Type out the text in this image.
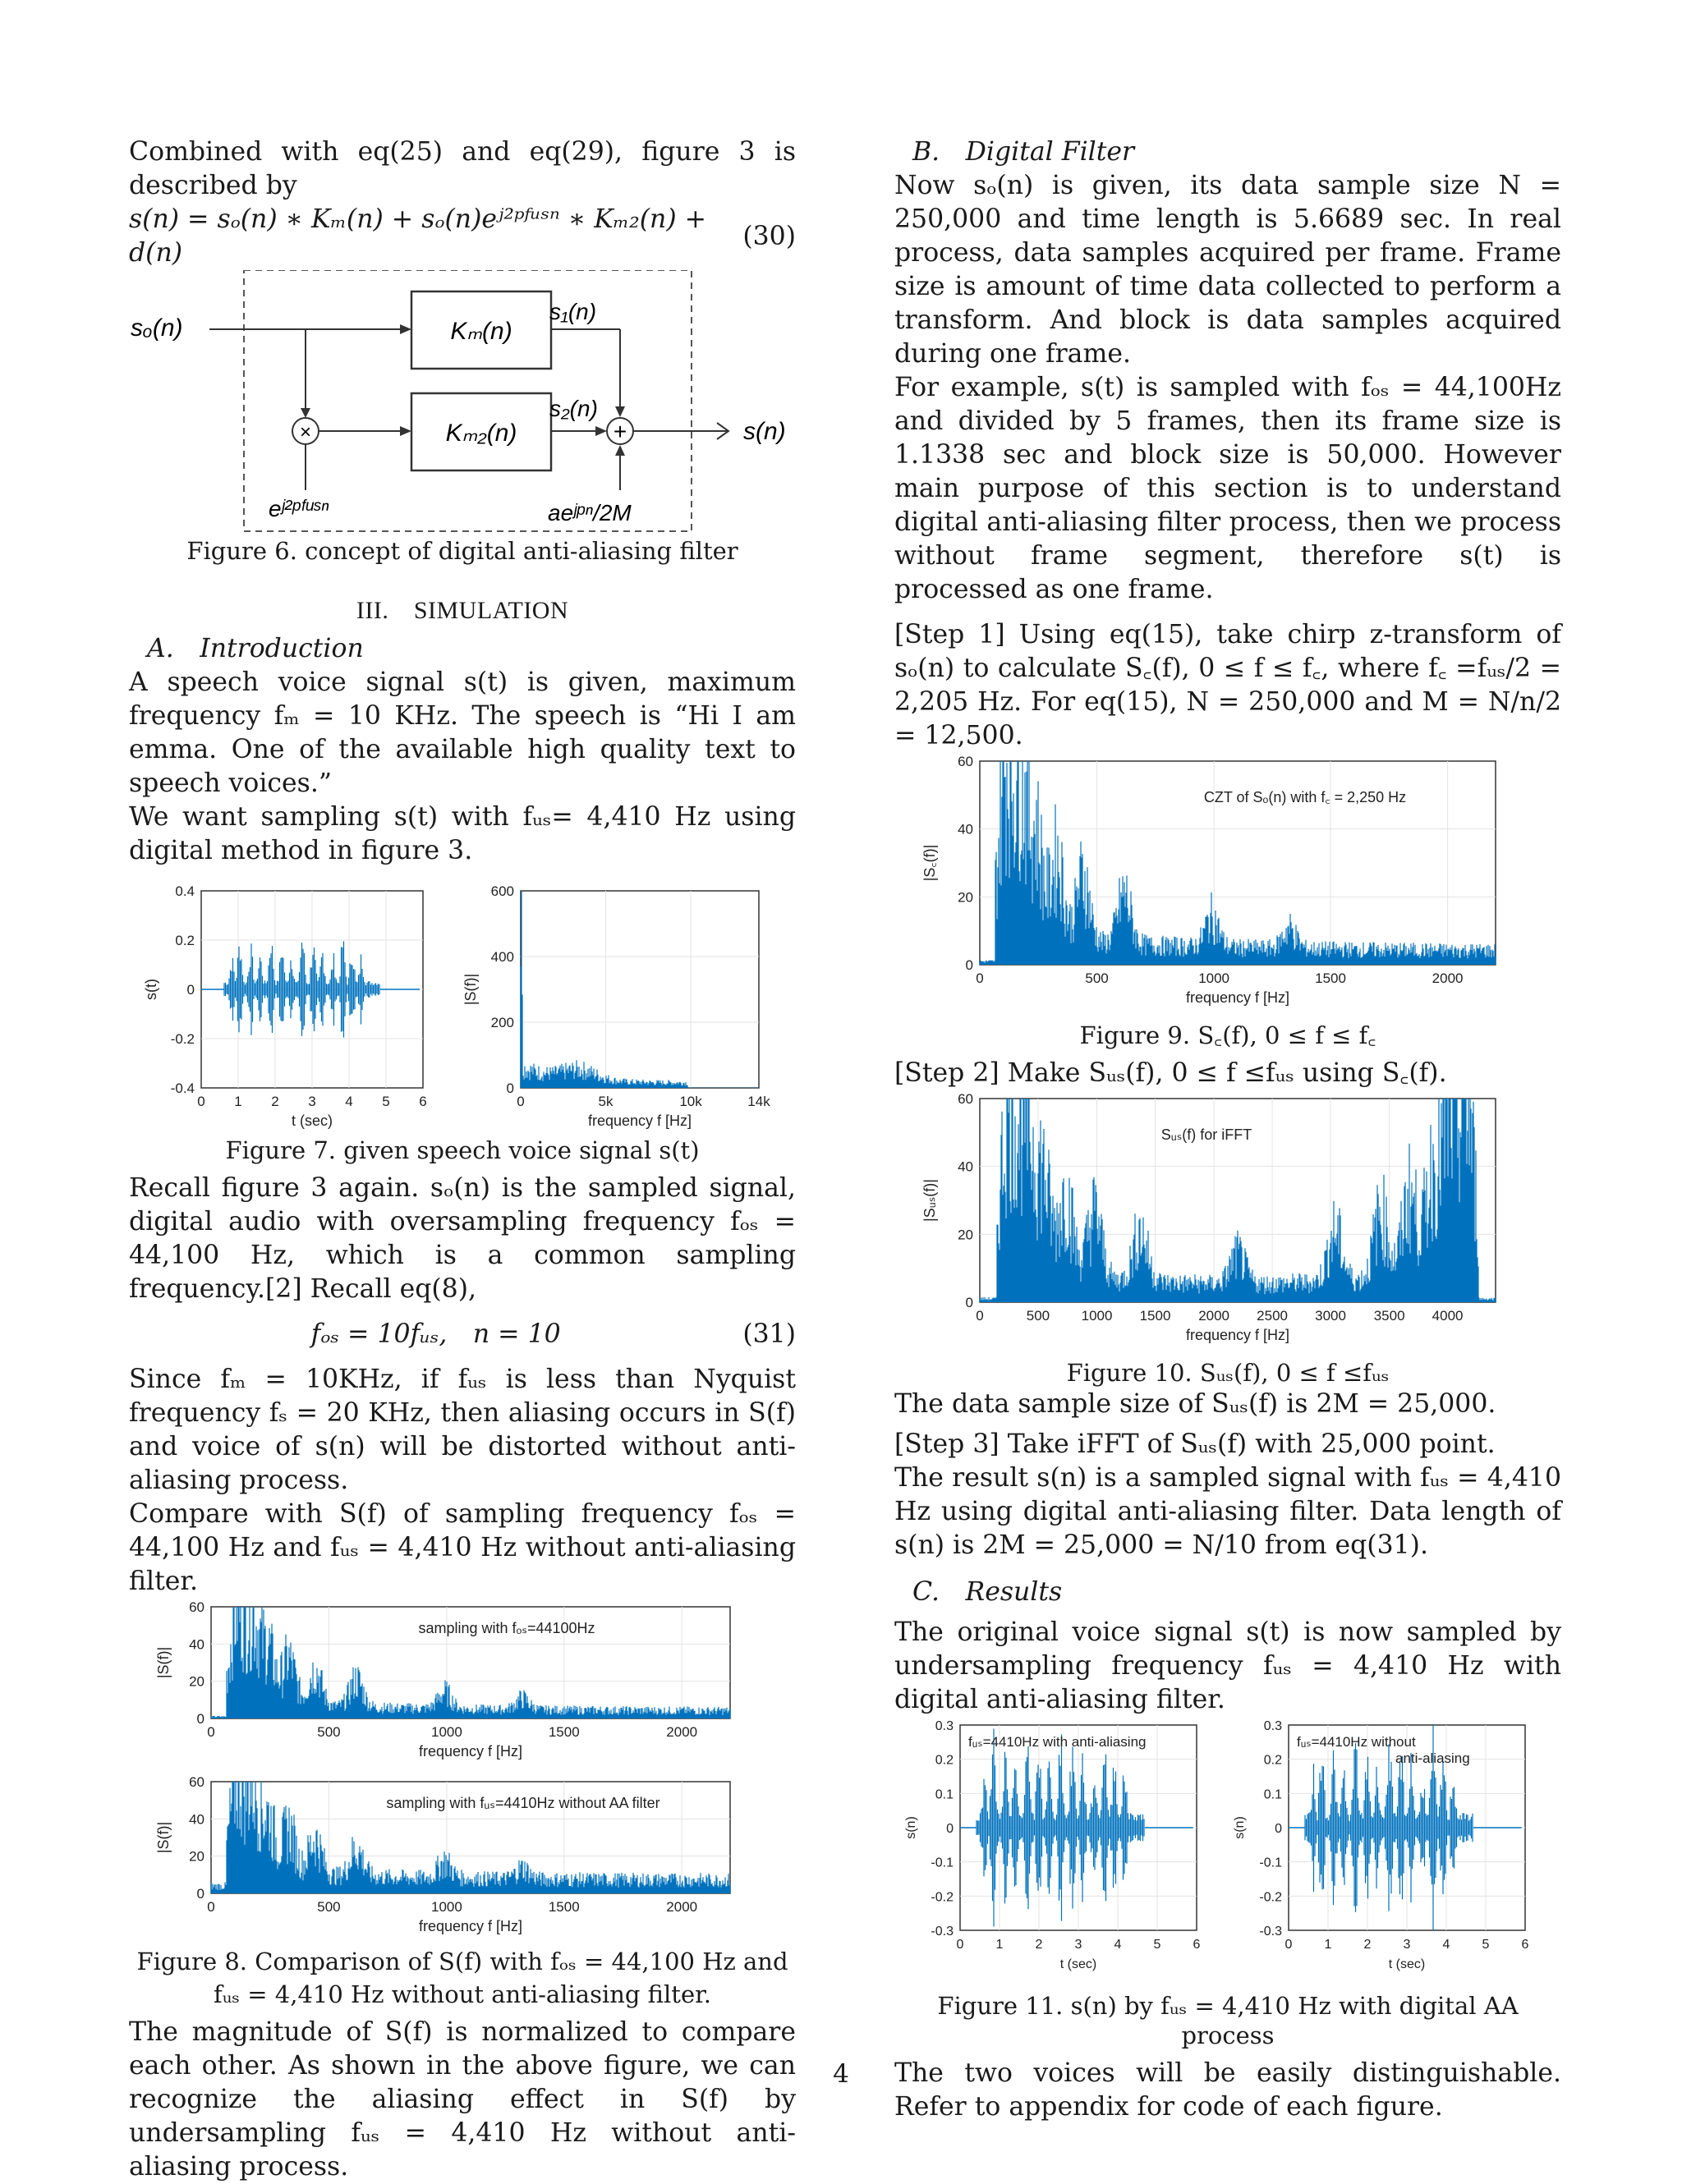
Combined with eq(25) and eq(29), figure 3 is described by

s(n) = sₒ(n) ∗ Kₘ(n) + sₒ(n)eʲ²ᵖᶠᵘˢⁿ ∗ Kₘ₂(n) + d(n)
(30)
sₒ(n)	Kₘ(n)
×
eʲ²ᵖᶠᵘˢⁿ
Kₘ₂(n)
s₁(n)
s₂(n)
+
aeʲᵖⁿ/2M
s(n)
Figure 6. concept of digital anti-aliasing filter
III. SIMULATION
A. Introduction

A speech voice signal s(t) is given, maximum frequency fₘ = 10 KHz. The speech is “Hi I am emma. One of the available high quality text to speech voices.”

We want sampling s(t) with fᵤₛ= 4,410 Hz using digital method in figure 3.

0.4
0.2
0
-0.2
-0.4
0 1 2 3 4 5 6
t (sec)
s(t)
600
400
200
0
0	5k	10k	14k
frequency f [Hz]
|S(f)|
Figure 7. given speech voice signal s(t)

Recall figure 3 again. sₒ(n) is the sampled signal, digital audio with oversampling frequency fₒₛ = 44,100 Hz, which is a common sampling frequency.[2] Recall eq(8),

fₒₛ = 10fᵤₛ, n = 10	(31)

Since fₘ = 10KHz, if fᵤₛ is less than Nyquist frequency fₛ = 20 KHz, then aliasing occurs in S(f) and voice of s(n) will be distorted without anti-aliasing process.

Compare with S(f) of sampling frequency fₒₛ = 44,100 Hz and fᵤₛ = 4,410 Hz without anti-aliasing filter.

60
40
20
0
0	500	1000	1500	2000
frequency f [Hz]
|S(f)|
sampling with fₒₛ=44100Hz
60
40
20
0
0	500	1000	1500	2000
frequency f [Hz]
|S(f)|
sampling with fᵤₛ=4410Hz without AA filter
Figure 8. Comparison of S(f) with fₒₛ = 44,100 Hz and
fᵤₛ = 4,410 Hz without anti-aliasing filter.

The magnitude of S(f) is normalized to compare each other. As shown in the above figure, we can recognize the aliasing effect in S(f) by undersampling fᵤₛ = 4,410 Hz without anti-aliasing process.

B. Digital Filter

Now sₒ(n) is given, its data sample size N = 250,000 and time length is 5.6689 sec. In real process, data samples acquired per frame. Frame size is amount of time data collected to perform a transform. And block is data samples acquired during one frame.

For example, s(t) is sampled with fₒₛ = 44,100Hz and divided by 5 frames, then its frame size is 1.1338 sec and block size is 50,000. However main purpose of this section is to understand digital anti-aliasing filter process, then we process without frame segment, therefore s(t) is processed as one frame.

[Step 1] Using eq(15), take chirp z-transform of sₒ(n) to calculate S꜀(f), 0 ≤ f ≤ f꜀, where f꜀ =fᵤₛ/2 = 2,205 Hz. For eq(15), N = 250,000 and M = N/n/2 = 12,500.

60
40
20
0
0	500	1000	1500	2000
frequency f [Hz]
|S꜀(f)|
CZT of Sₒ(n) with f꜀ = 2,250 Hz
Figure 9. S꜀(f), 0 ≤ f ≤ f꜀

[Step 2] Make Sᵤₛ(f), 0 ≤ f ≤fᵤₛ using S꜀(f).

60
40
20
0
0	500 1000 1500 2000 2500 3000 3500 4000
frequency f [Hz]
|Sᵤₛ(f)|
Sᵤₛ(f) for iFFT
Figure 10. Sᵤₛ(f), 0 ≤ f ≤fᵤₛ

The data sample size of Sᵤₛ(f) is 2M = 25,000.

[Step 3] Take iFFT of Sᵤₛ(f) with 25,000 point.

The result s(n) is a sampled signal with fᵤₛ = 4,410 Hz using digital anti-aliasing filter. Data length of s(n) is 2M = 25,000 = N/10 from eq(31).

C. Results

The original voice signal s(t) is now sampled by undersampling frequency fᵤₛ = 4,410 Hz with digital anti-aliasing filter.

0.3
0.2
0.1
0
-0.1
-0.2
-0.3
0 1 2 3 4 5 6
t (sec)
s(n)
fᵤₛ=4410Hz with anti-aliasing
0.3
0.2
0.1
0
-0.1
-0.2
-0.3
0 1 2 3 4 5 6
t (sec)
s(n)
fᵤₛ=4410Hz without
anti-aliasing
Figure 11. s(n) by fᵤₛ = 4,410 Hz with digital AA process

The two voices will be easily distinguishable. Refer to appendix for code of each figure.

4
